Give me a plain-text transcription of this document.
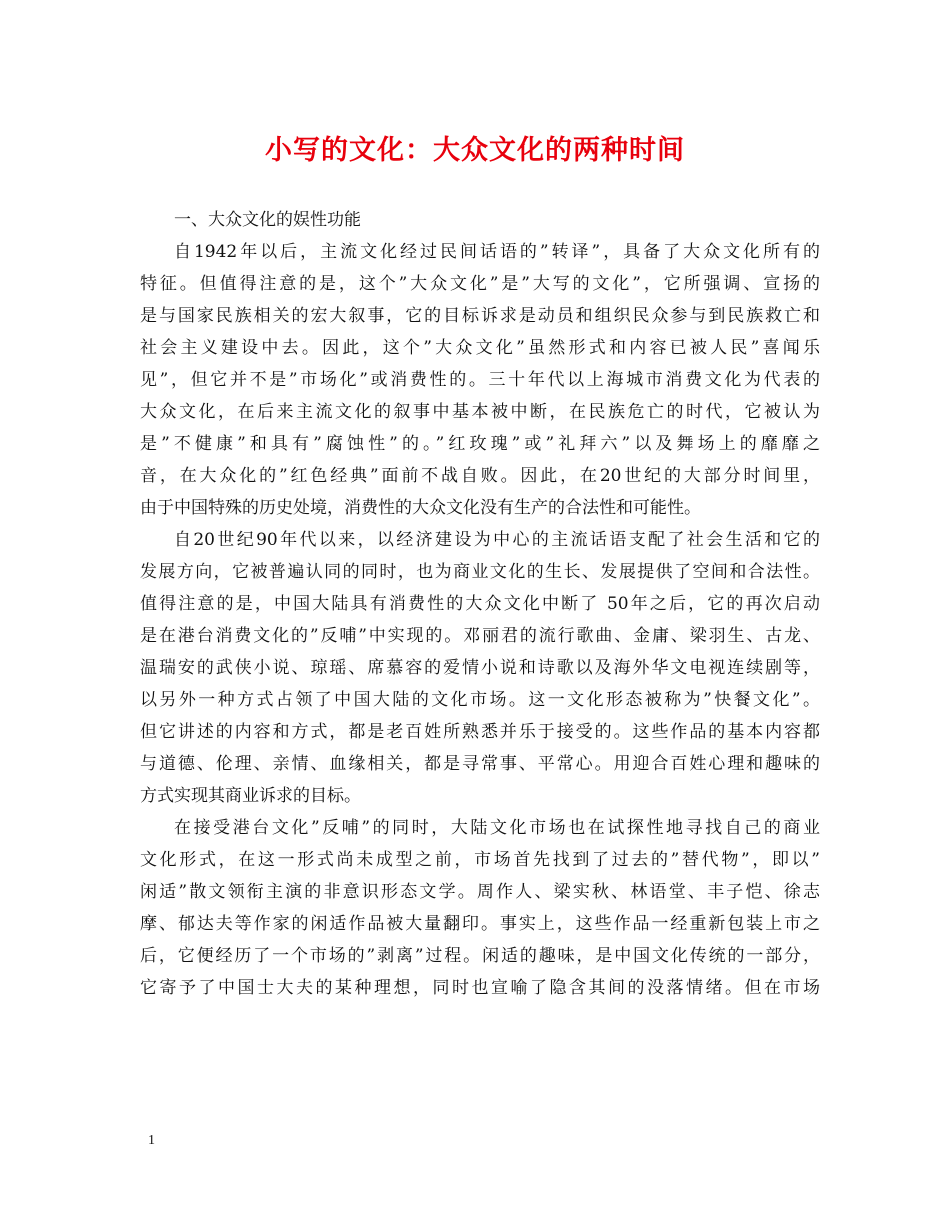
小写的文化：大众文化的两种时间
一、大众文化的娱性功能
自1942年以后，主流文化经过民间话语的”转译”，具备了大众文化所有的
特征。但值得注意的是，这个”大众文化”是”大写的文化”，它所强调、宣扬的
是与国家民族相关的宏大叙事，它的目标诉求是动员和组织民众参与到民族救亡和
社会主义建设中去。因此，这个”大众文化”虽然形式和内容已被人民”喜闻乐
见”，但它并不是”市场化”或消费性的。三十年代以上海城市消费文化为代表的
大众文化，在后来主流文化的叙事中基本被中断，在民族危亡的时代，它被认为
是”不健康”和具有”腐蚀性”的。”红玫瑰”或”礼拜六”以及舞场上的靡靡之
音，在大众化的”红色经典”面前不战自败。因此，在20世纪的大部分时间里，
由于中国特殊的历史处境，消费性的大众文化没有生产的合法性和可能性。
自20世纪90年代以来，以经济建设为中心的主流话语支配了社会生活和它的
发展方向，它被普遍认同的同时，也为商业文化的生长、发展提供了空间和合法性。
值得注意的是，中国大陆具有消费性的大众文化中断了 50年之后，它的再次启动
是在港台消费文化的”反哺”中实现的。邓丽君的流行歌曲、金庸、梁羽生、古龙、
温瑞安的武侠小说、琼瑶、席慕容的爱情小说和诗歌以及海外华文电视连续剧等，
以另外一种方式占领了中国大陆的文化市场。这一文化形态被称为”快餐文化”。
但它讲述的内容和方式，都是老百姓所熟悉并乐于接受的。这些作品的基本内容都
与道德、伦理、亲情、血缘相关，都是寻常事、平常心。用迎合百姓心理和趣味的
方式实现其商业诉求的目标。
在接受港台文化”反哺”的同时，大陆文化市场也在试探性地寻找自己的商业
文化形式，在这一形式尚未成型之前，市场首先找到了过去的”替代物”，即以”
闲适”散文领衔主演的非意识形态文学。周作人、梁实秋、林语堂、丰子恺、徐志
摩、郁达夫等作家的闲适作品被大量翻印。事实上，这些作品一经重新包装上市之
后，它便经历了一个市场的”剥离”过程。闲适的趣味，是中国文化传统的一部分，
它寄予了中国士大夫的某种理想，同时也宣喻了隐含其间的没落情绪。但在市场
1
